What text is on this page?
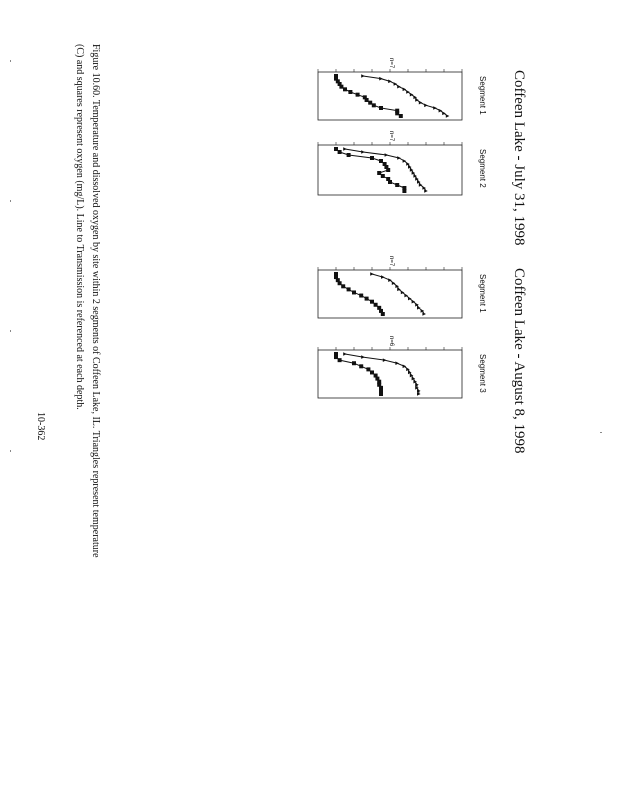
Coffeen Lake - July 31, 1998
Coffeen Lake - August 8, 1998
Figure 10.60. Temperature and dissolved oxygen by site within 2 segments of Coffeen Lake, IL. Triangles represent temperature
(C) and squares represent oxygen (mg/L). Line to Transmission is referenced at each depth.
10-362
Segment 1
n=7
Segment 2
n=7
Segment 1
n=7
Segment 3
n=6
